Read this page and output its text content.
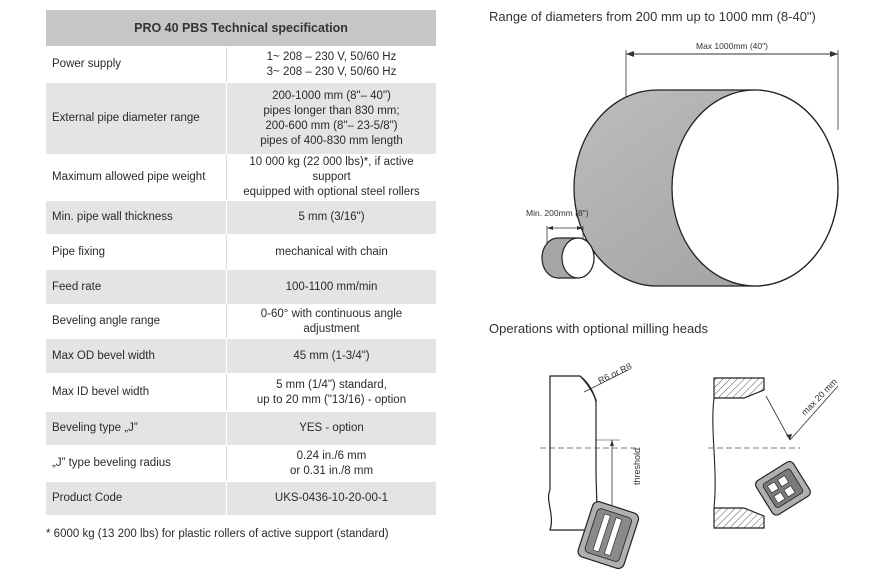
PRO 40 PBS Technical specification	
Power supply	1~ 208 – 230 V, 50/60 Hz
3~ 208 – 230 V, 50/60 Hz

External pipe diameter range	200-1000 mm (8"– 40")
pipes longer than 830 mm;
200-600 mm (8"– 23-5/8")
pipes of 400-830 mm length

Maximum allowed pipe weight	10 000 kg (22 000 lbs)*, if active support
equipped with optional steel rollers

Min. pipe wall thickness	5 mm (3/16")

Pipe fixing	mechanical with chain

Feed rate	100-1100 mm/min

Beveling angle range	0-60° with continuous angle adjustment

Max OD bevel width	45 mm (1-3/4")

Max ID bevel width	5 mm (1/4") standard,
up to 20 mm ("13/16) - option

Beveling type „J”	YES - option

„J” type beveling radius	0.24 in./6 mm
or 0.31 in./8 mm

Product Code	UKS-0436-10-20-00-1
* 6000 kg (13 200 lbs) for plastic rollers of active support (standard)
Range of diameters from 200 mm up to 1000 mm (8-40")
Operations with optional milling heads
Max 1000mm (40")
Min. 200mm (8")
R6 or R8
threshold
max 20 mm
